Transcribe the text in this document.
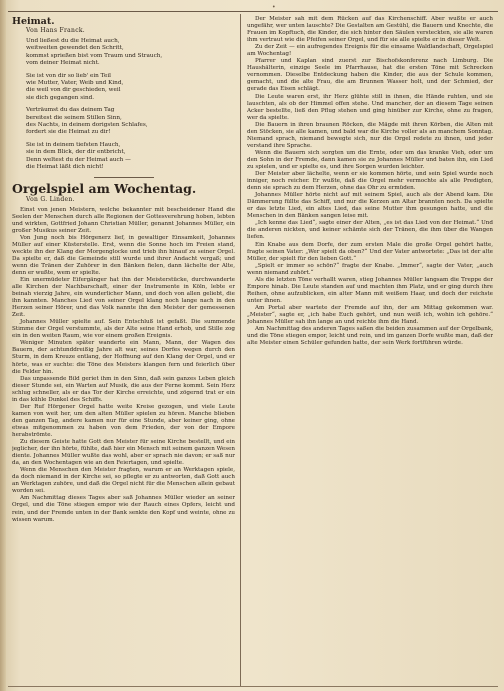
•
Heimat.
Von Hans Franck.
Und ließest du die Heimat auch,
weitweiten gewendet den Schritt,
kommst sprießen bist vom Traum und Strauch,
vom deiner Heimat nicht.
Sie ist von dir so lieb' ein Teil
wie Mutter, Vater, Weib und Kind,
die weil von dir geschieden, weil
sie dich gegangen sind.
Verträumst du das deinem Tag
bereitest die seinem Stillen Sinn,
des Nachts, in deinem dorigsten Schlafes,
fordert sie die Heimat zu dir!
Sie ist in deinem tiefsten Hauch,
sie in dem Blick, der dir entbricht,
Denn weltest du der Heimat auch —
die Heimat läßt dich nicht!
Orgelspiel am Wochentag.
Von G. Linden.

Einst von jenen Meistern, welche bekannter mit bescheidener Hand die Seelen der Menschen durch alle Regionen der Gottesverehrung hoben, lebten und wirkten, Gottfried Johann Christian Müller, genannt Johannes Müller, ein großer Musikus seiner Zeit.

Von Jung noch bis Hörgenerz lief, in gewaltiger Einsamkeit, Johannes Müller auf einer Küsterstelle. Erst, wenn die Sonne hoch im Freien stand, weckte ihn der Klang der Morgenglocke und trieb ihn hinauf zu seiner Orgel. Da spielte er, daß die Gemeinde still wurde und ihrer Andacht vergaß; und wenn die Tränen der Zuhörer in den Bänken fielen, dann lächelte der Alte, denn er wußte, wem er spielte.

Ein unermüdeter Eifergänger hat ihn der Meisterstücke, durchwanderte alle Kirchen der Nachbarschaft, einer der Instrumente in Köln, lebte er beinah vierzig Jahre, ein wunderlicher Mann, und doch von allen geliebt, die ihn kannten. Manches Lied von seiner Orgel klang noch lange nach in den Herzen seiner Hörer, und das Volk nannte ihn den Meister der gemessenen Zeit.

Johannes Müller spielte auf. Sein Entschluß ist gefaßt. Die summende Stimme der Orgel verstummte, als der Alte seine Hand erhob, und Stille zog ein in den weiten Raum, wie vor einem großen Ereignis.

Weniger Minuten später wanderte ein Mann, Mann, der Wagen des Bauern, der achtunddreißig Jahre alt war, seines Dorfes wegen durch den Sturm, in dem Kreuze entlang, der Hoffnung auf den Klang der Orgel, und er hörte, was er suchte: die Töne des Meisters klangen fern und feierlich über die Felder hin.

Das unpassende Bild geriet ihm in den Sinn, daß sein ganzes Leben gleich dieser Stunde sei, ein Warten auf Musik, die aus der Ferne kommt. Sein Herz schlug schneller, als er das Tor der Kirche erreichte, und zögernd trat er ein in das kühle Dunkel des Schiffs.

Der Ruf Hörgener Orgel hatte weite Kreise gezogen, und viele Leute kamen von weit her, um den alten Müller spielen zu hören. Manche blieben den ganzen Tag, andere kamen nur für eine Stunde, aber keiner ging, ohne etwas mitgenommen zu haben von dem Frieden, der von der Empore herabströmte.

Zu diesem Geiste hatte Gott den Meister für seine Kirche bestellt, und ein jeglicher, der ihn hörte, fühlte, daß hier ein Mensch mit seinem ganzen Wesen diente. Johannes Müller wußte das wohl, aber er sprach nie davon; er saß nur da, an den Wochentagen wie an den Feiertagen, und spielte.

Wenn die Menschen den Meister fragten, warum er an Werktagen spiele, da doch niemand in der Kirche sei, so pflegte er zu antworten, daß Gott auch an Werktagen zuhöre, und daß die Orgel nicht für die Menschen allein gebaut worden sei.

Am Nachmittag dieses Tages aber saß Johannes Müller wieder an seiner Orgel, und die Töne stiegen empor wie der Rauch eines Opfers, leicht und rein, und der Fremde unten in der Bank senkte den Kopf und weinte, ohne zu wissen warum.

Der Meister sah mit dem Rücken auf das Kirchenschiff. Aber wußte er auch ungefähr, wer unten lauschte? Die Gestalten am Gestühl, die Bauern und Knechte, die Frauen im Kopftuch, die Kinder, die sich hinter den Säulen versteckten, sie alle waren ihm vertraut wie die Pfeifen seiner Orgel, und für sie alle spielte er in dieser Welt.

Zu der Zeit — ein aufregendes Ereignis für die einsame Waldlandschaft, Orgelspiel am Wochentag!

Pfarrer und Kaplan sind zuerst zur Bischofskonferenz nach Limburg. Die Haushälterin, einzige Seele im Pfarrhause, hat die ersten Töne mit Schrecken vernommen. Dieselbe Entdeckung haben die Kinder, die aus der Schule kommen, gemacht, und die alte Frau, die am Brunnen Wasser holt, und der Schmied, der gerade das Eisen schlägt.

Die Leute waren erst, ihr Herz glühte still in ihnen, die Hände ruhten, und sie lauschten, als ob der Himmel offen stehe. Und mancher, der an diesem Tage seinen Acker bestellte, ließ den Pflug stehen und ging hinüber zur Kirche, ohne zu fragen, wer da spielte.

Die Bauern in ihren braunen Röcken, die Mägde mit ihren Körben, die Alten mit den Stöcken, sie alle kamen, und bald war die Kirche voller als an manchem Sonntag. Niemand sprach, niemand bewegte sich, nur die Orgel redete zu ihnen, und jeder verstand ihre Sprache.

Wenn die Bauern sich sorgten um die Ernte, oder um das kranke Vieh, oder um den Sohn in der Fremde, dann kamen sie zu Johannes Müller und baten ihn, ein Lied zu spielen, und er spielte es, und ihre Sorgen wurden leichter.

Der Meister aber lächelte, wenn er sie kommen hörte, und sein Spiel wurde noch inniger, noch reicher. Er wußte, daß die Orgel mehr vermochte als alle Predigten, denn sie sprach zu dem Herzen, ohne das Ohr zu ermüden.

Johannes Müller hörte nicht auf mit seinem Spiel, auch als der Abend kam. Die Dämmerung füllte das Schiff, und nur die Kerzen am Altar brannten noch. Da spielte er das letzte Lied, ein altes Lied, das seine Mutter ihm gesungen hatte, und die Menschen in den Bänken sangen leise mit.

„Ich kenne das Lied“, sagte einer der Alten, „es ist das Lied von der Heimat.“ Und die anderen nickten, und keiner schämte sich der Tränen, die ihm über die Wangen liefen.

Ein Knabe aus dem Dorfe, der zum ersten Male die große Orgel gehört hatte, fragte seinen Vater: „Wer spielt da oben?“ Und der Vater antwortete: „Das ist der alte Müller, der spielt für den lieben Gott.“

„Spielt er immer so schön?“ fragte der Knabe. „Immer“, sagte der Vater, „auch wenn niemand zuhört.“

Als die letzten Töne verhallt waren, stieg Johannes Müller langsam die Treppe der Empore hinab. Die Leute standen auf und machten ihm Platz, und er ging durch ihre Reihen, ohne aufzublicken, ein alter Mann mit weißem Haar, und doch der reichste unter ihnen.

Am Portal aber wartete der Fremde auf ihn, der am Mittag gekommen war. „Meister“, sagte er, „ich habe Euch gehört, und nun weiß ich, wohin ich gehöre.“ Johannes Müller sah ihn lange an und reichte ihm die Hand.

Am Nachmittag des anderen Tages saßen die beiden zusammen auf der Orgelbank, und die Töne stiegen empor, leicht und rein, und im ganzen Dorfe wußte man, daß der alte Meister einen Schüler gefunden hatte, der sein Werk fortführen würde.
